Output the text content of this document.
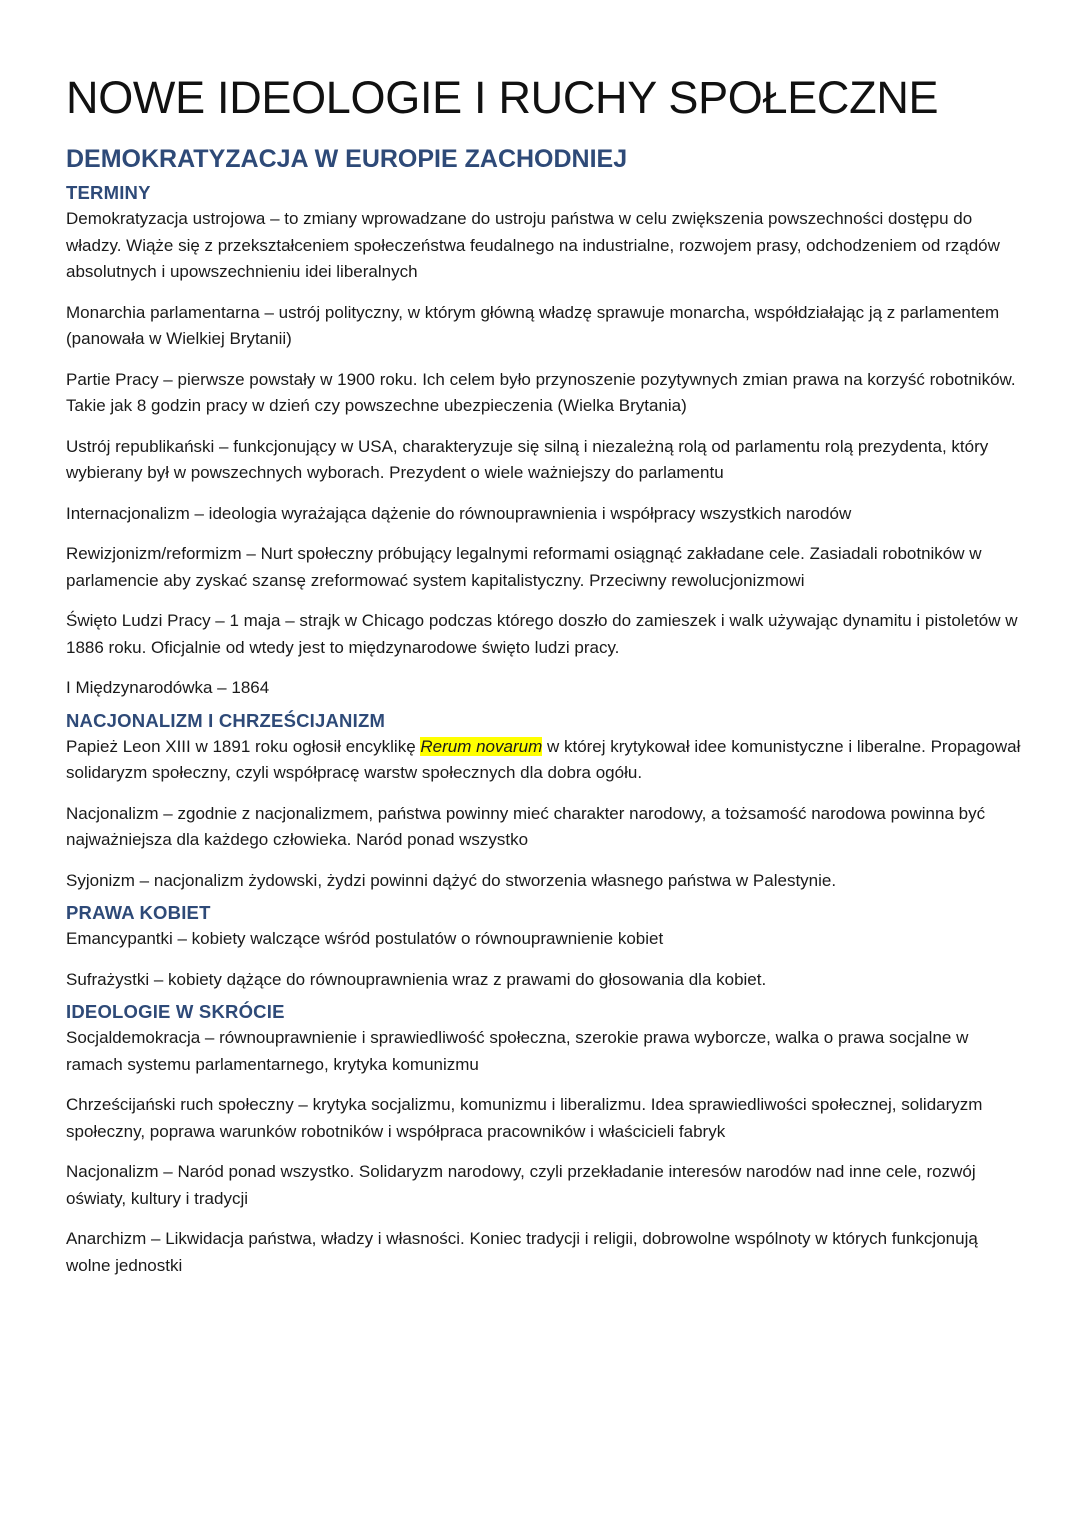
NOWE IDEOLOGIE I RUCHY SPOŁECZNE
DEMOKRATYZACJA W EUROPIE ZACHODNIEJ
TERMINY

Demokratyzacja ustrojowa – to zmiany wprowadzane do ustroju państwa w celu zwiększenia powszechności dostępu do władzy. Wiąże się z przekształceniem społeczeństwa feudalnego na industrialne, rozwojem prasy, odchodzeniem od rządów absolutnych i upowszechnieniu idei liberalnych

Monarchia parlamentarna – ustrój polityczny, w którym główną władzę sprawuje monarcha, współdziałając ją z parlamentem (panowała w Wielkiej Brytanii)

Partie Pracy – pierwsze powstały w 1900 roku. Ich celem było przynoszenie pozytywnych zmian prawa na korzyść robotników. Takie jak 8 godzin pracy w dzień czy powszechne ubezpieczenia (Wielka Brytania)

Ustrój republikański – funkcjonujący w USA, charakteryzuje się silną i niezależną rolą od parlamentu rolą prezydenta, który wybierany był w powszechnych wyborach. Prezydent o wiele ważniejszy do parlamentu

Internacjonalizm – ideologia wyrażająca dążenie do równouprawnienia i współpracy wszystkich narodów

Rewizjonizm/reformizm – Nurt społeczny próbujący legalnymi reformami osiągnąć zakładane cele. Zasiadali robotników w parlamencie aby zyskać szansę zreformować system kapitalistyczny. Przeciwny rewolucjonizmowi

Święto Ludzi Pracy – 1 maja – strajk w Chicago podczas którego doszło do zamieszek i walk używając dynamitu i pistoletów w 1886 roku. Oficjalnie od wtedy jest to międzynarodowe święto ludzi pracy.

I Międzynarodówka – 1864

NACJONALIZM I CHRZEŚCIJANIZM

Papież Leon XIII w 1891 roku ogłosił encyklikę Rerum novarum w której krytykował idee komunistyczne i liberalne. Propagował solidaryzm społeczny, czyli współpracę warstw społecznych dla dobra ogółu.

Nacjonalizm – zgodnie z nacjonalizmem, państwa powinny mieć charakter narodowy, a tożsamość narodowa powinna być najważniejsza dla każdego człowieka. Naród ponad wszystko

Syjonizm – nacjonalizm żydowski, żydzi powinni dążyć do stworzenia własnego państwa w Palestynie.

PRAWA KOBIET

Emancypantki – kobiety walczące wśród postulatów o równouprawnienie kobiet

Sufrażystki – kobiety dążące do równouprawnienia wraz z prawami do głosowania dla kobiet.

IDEOLOGIE W SKRÓCIE

Socjaldemokracja – równouprawnienie i sprawiedliwość społeczna, szerokie prawa wyborcze, walka o prawa socjalne w ramach systemu parlamentarnego, krytyka komunizmu

Chrześcijański ruch społeczny – krytyka socjalizmu, komunizmu i liberalizmu. Idea sprawiedliwości społecznej, solidaryzm społeczny, poprawa warunków robotników i współpraca pracowników i właścicieli fabryk

Nacjonalizm – Naród ponad wszystko. Solidaryzm narodowy, czyli przekładanie interesów narodów nad inne cele, rozwój oświaty, kultury i tradycji

Anarchizm – Likwidacja państwa, władzy i własności. Koniec tradycji i religii, dobrowolne wspólnoty w których funkcjonują wolne jednostki
